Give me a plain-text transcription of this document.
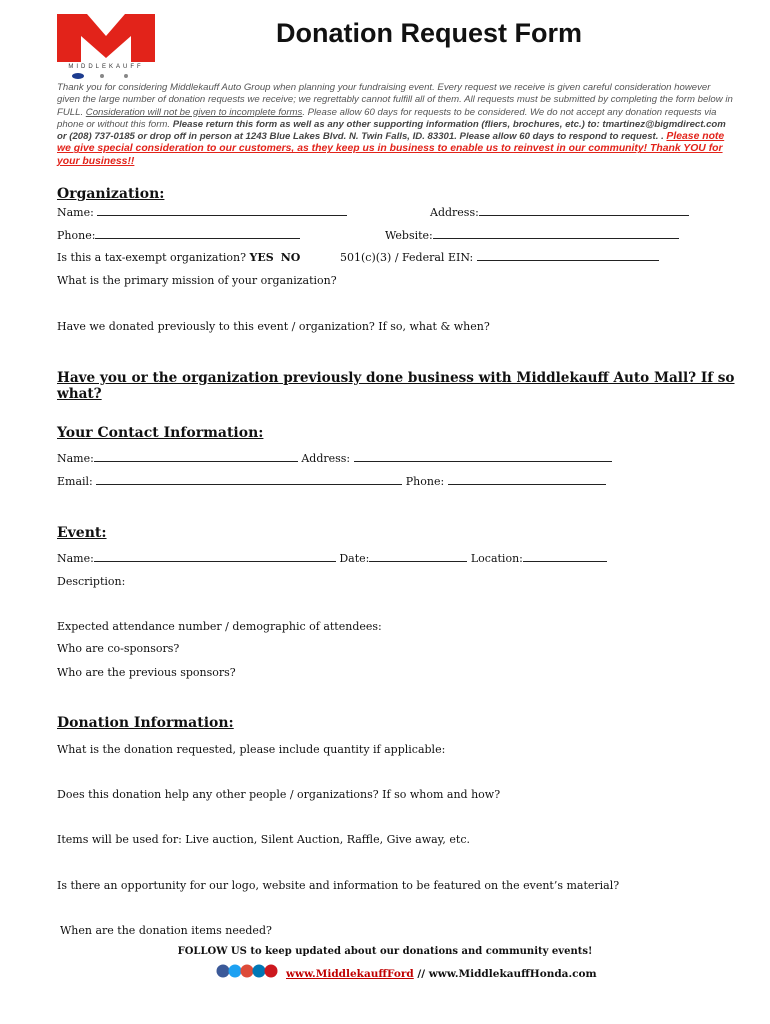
MIDDLEKAUFF
Donation Request Form
Thank you for considering Middlekauff Auto Group when planning your fundraising event. Every request we receive is given careful consideration however given the large number of donation requests we receive; we regrettably cannot fulfill all of them. All requests must be submitted by completing the form below in FULL. Consideration will not be given to incomplete forms. Please allow 60 days for requests to be considered. We do not accept any donation requests via phone or without this form. Please return this form as well as any other supporting information (fliers, brochures, etc.) to: tmartinez@bigmdirect.com or (208) 737-0185 or drop off in person at 1243 Blue Lakes Blvd. N. Twin Falls, ID. 83301. Please allow 60 days to respond to request. . Please note we give special consideration to our customers, as they keep us in business to enable us to reinvest in our community! Thank YOU for your business!!
Organization:
Name:	Address:
Phone:	Website:
Is this a tax-exempt organization? YES NO	501(c)(3) / Federal EIN:
What is the primary mission of your organization?
Have we donated previously to this event / organization? If so, what & when?
Have you or the organization previously done business with Middlekauff Auto Mall? If so what?
Your Contact Information:
Name:	Address:
Email:	Phone:
Event:
Name:	Date:	Location:
Description:
Expected attendance number / demographic of attendees:
Who are co-sponsors?
Who are the previous sponsors?
Donation Information:
What is the donation requested, please include quantity if applicable:
Does this donation help any other people / organizations? If so whom and how?
Items will be used for: Live auction, Silent Auction, Raffle, Give away, etc.
Is there an opportunity for our logo, website and information to be featured on the event’s material?
When are the donation items needed?
FOLLOW US to keep updated about our donations and community events!
www.MiddlekauffFord // www.MiddlekauffHonda.com
